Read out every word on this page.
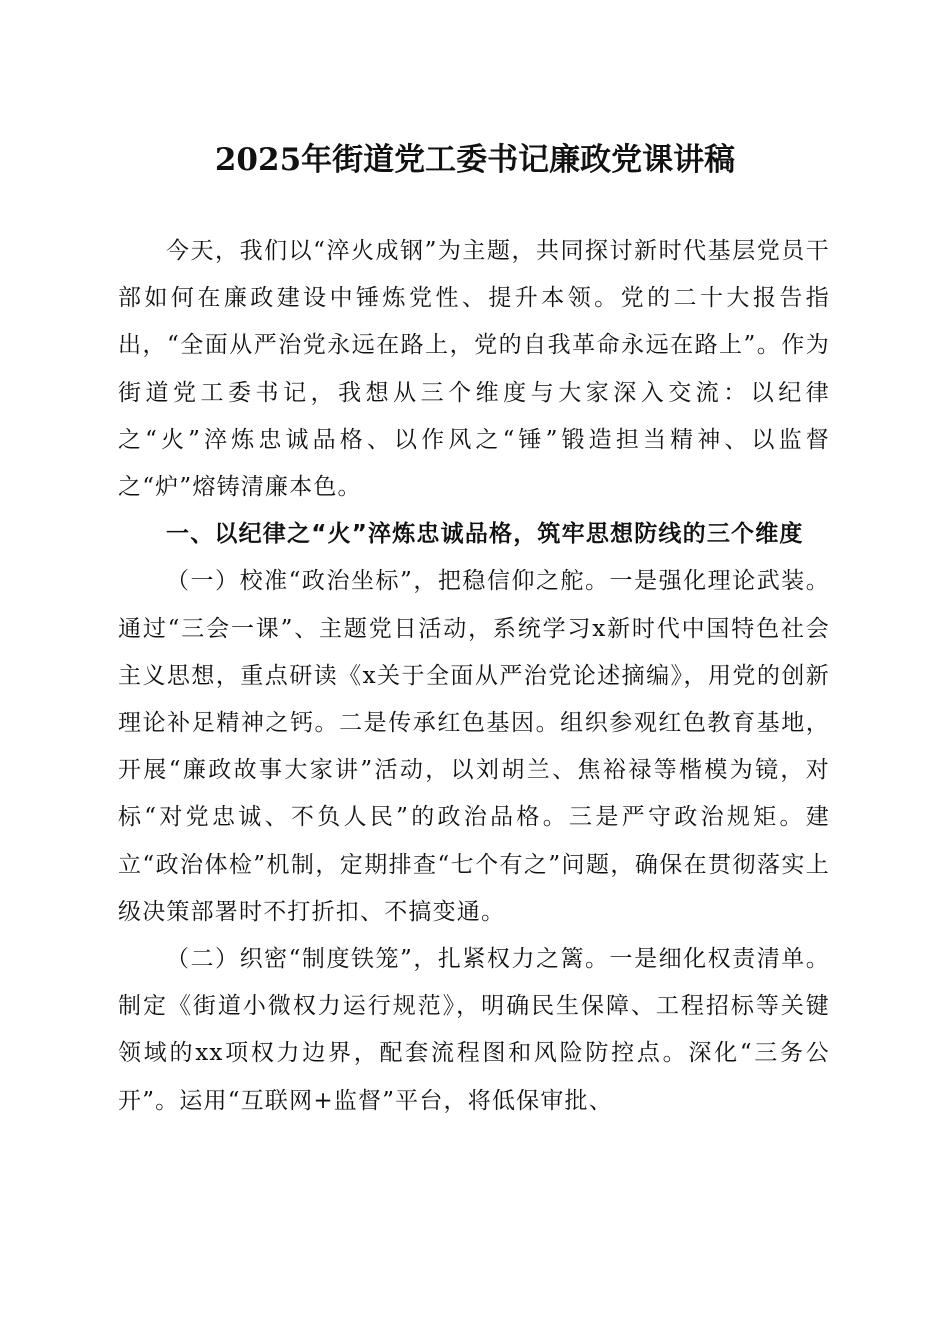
2025年街道党工委书记廉政党课讲稿

今天，我们以“淬火成钢”为主题，共同探讨新时代基层党员干部如何在廉政建设中锤炼党性、提升本领。党的二十大报告指出，“全面从严治党永远在路上，党的自我革命永远在路上”。作为街道党工委书记，我想从三个维度与大家深入交流：以纪律之“火”淬炼忠诚品格、以作风之“锤”锻造担当精神、以监督之“炉”熔铸清廉本色。

一、以纪律之“火”淬炼忠诚品格，筑牢思想防线的三个维度

（一）校准“政治坐标”，把稳信仰之舵。一是强化理论武装。通过“三会一课”、主题党日活动，系统学习x新时代中国特色社会主义思想，重点研读《x关于全面从严治党论述摘编》，用党的创新理论补足精神之钙。二是传承红色基因。组织参观红色教育基地，开展“廉政故事大家讲”活动，以刘胡兰、焦裕禄等楷模为镜，对标“对党忠诚、不负人民”的政治品格。三是严守政治规矩。建立“政治体检”机制，定期排查“七个有之”问题，确保在贯彻落实上级决策部署时不打折扣、不搞变通。

（二）织密“制度铁笼”，扎紧权力之篱。一是细化权责清单。制定《街道小微权力运行规范》，明确民生保障、工程招标等关键领域的xx项权力边界，配套流程图和风险防控点。深化“三务公开”。运用“互联网+监督”平台，将低保审批、
